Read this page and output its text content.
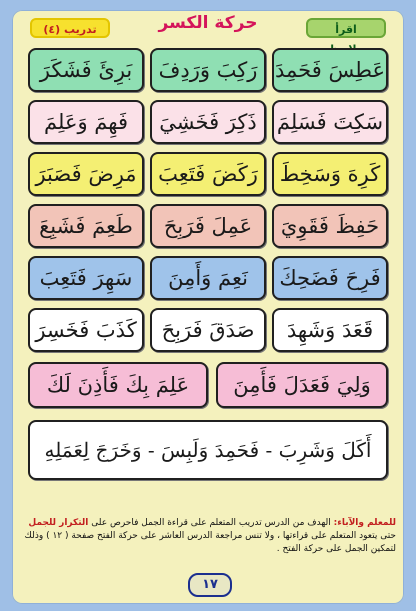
تدريب (٤)	حركة الكسر	اقرأ
عَطِسَ فَحَمِدَ
رَكِبَ وَرَدِفَ
بَرِئَ فَشَكَرَ
سَكِتَ فَسَلِمَ
ذَكِرَ فَخَشِيَ
فَهِمَ وَعَلِمَ
كَرِهَ وَسَخِطَ
رَكَضَ فَتَعِبَ
مَرِضَ فَصَبَرَ
حَفِظَ فَقَوِيَ
عَمِلَ فَرَبِحَ
طَعِمَ فَشَبِعَ
فَرِحَ فَضَحِكَ
نَعِمَ وَأَمِنَ
سَهِرَ فَتَعِبَ
قَعَدَ وَشَهِدَ
صَدَقَ فَرَبِحَ
كَذَبَ فَخَسِرَ
وَلِيَ فَعَدَلَ فَأَمِنَ
عَلِمَ بِكَ فَأَذِنَ لَكَ
أَكَلَ وَشَرِبَ - فَحَمِدَ وَلَبِسَ - وَخَرَجَ لِعَمَلِهِ
للمعلم والآباء: الهدف من الدرس تدريب المتعلم على قراءة الجمل فاحرص على التكرار للجمل حتى يتعود المتعلم على قراءتها ، ولا تنس مراجعة الدرس العاشر على حركة الفتح صفحة ( ١٢ ) وذلك لتمكين الجمل على حركة الفتح .
١٧
